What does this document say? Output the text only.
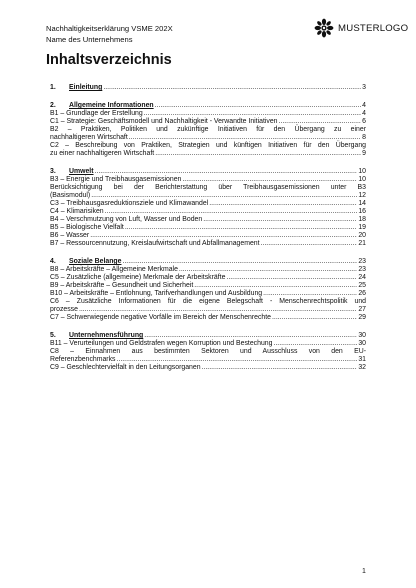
Nachhaltigkeitserklärung VSME 202X
Name des Unternehmens
MUSTERLOGO
Inhaltsverzeichnis
1.	Einleitung .....	3
2.	Allgemeine Informationen .....	4
B1 – Grundlage der Erstellung .....	4
C1 – Strategie: Geschäftsmodell und Nachhaltigkeit - Verwandte Initiativen .....	6
B2 – Praktiken, Politiken und zukünftige Initiativen für den Übergang zu einer
nachhaltigeren Wirtschaft .....	8
C2 – Beschreibung von Praktiken, Strategien und künftigen Initiativen für den Übergang
zu einer nachhaltigeren Wirtschaft .....	9
3.	Umwelt .....	10
B3 – Energie und Treibhausgasemissionen .....	10
Berücksichtigung bei der Berichterstattung über Treibhausgasemissionen unter B3
(Basismodul) .....	12
C3 – Treibhausgasreduktionsziele und Klimawandel .....	14
C4 – Klimarisiken .....	16
B4 – Verschmutzung von Luft, Wasser und Boden .....	18
B5 – Biologische Vielfalt .....	19
B6 – Wasser .....	20
B7 – Ressourcennutzung, Kreislaufwirtschaft und Abfallmanagement .....	21
4.	Soziale Belange .....	23
B8 – Arbeitskräfte – Allgemeine Merkmale .....	23
C5 – Zusätzliche (allgemeine) Merkmale der Arbeitskräfte .....	24
B9 – Arbeitskräfte – Gesundheit und Sicherheit .....	25
B10 – Arbeitskräfte – Entlohnung, Tarifverhandlungen und Ausbildung .....	26
C6 – Zusätzliche Informationen für die eigene Belegschaft - Menschenrechtspolitik und
prozesse .....	27
C7 – Schwerwiegende negative Vorfälle im Bereich der Menschenrechte .....	29
5.	Unternehmensführung .....	30
B11 – Verurteilungen und Geldstrafen wegen Korruption und Bestechung .....	30
C8 – Einnahmen aus bestimmten Sektoren und Ausschluss von den EU-
Referenzbenchmarks .....	31
C9 – Geschlechtervielfalt in den Leitungsorganen .....	32
1
